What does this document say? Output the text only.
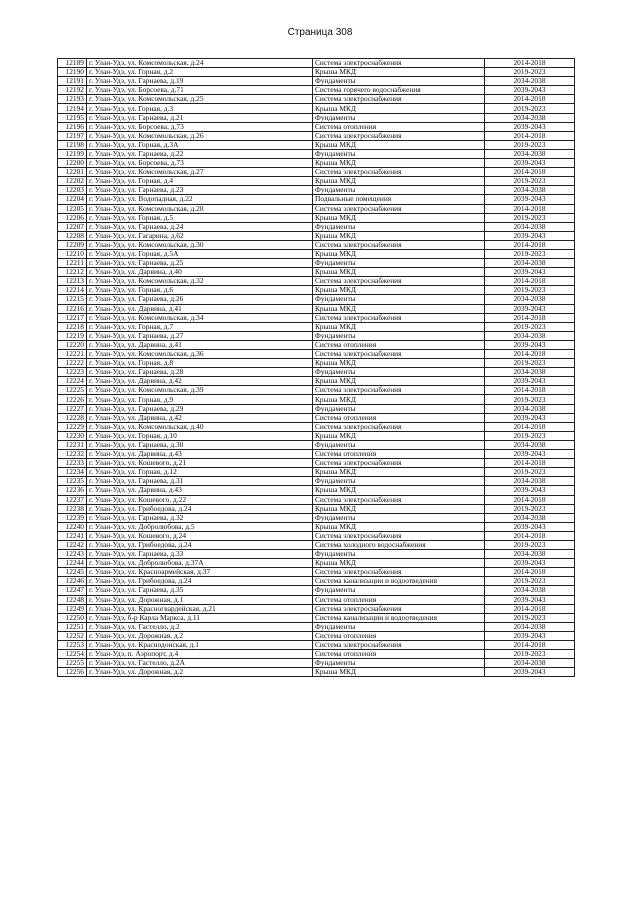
Страница 308
12189	г. Улан-Удэ, ул. Комсомольская, д.24	Система электроснабжения	2014-2018
12190	г. Улан-Удэ, ул. Горная, д.2	Крыша МКД	2019-2023
12191	г. Улан-Удэ, ул. Гарнаева, д.19	Фундаменты	2034-2038
12192	г. Улан-Удэ, ул. Борсоева, д.71	Система горячего водоснабжения	2039-2043
12193	г. Улан-Удэ, ул. Комсомольская, д.25	Система электроснабжения	2014-2018
12194	г. Улан-Удэ, ул. Горная, д.3	Крыша МКД	2019-2023
12195	г. Улан-Удэ, ул. Гарнаева, д.21	Фундаменты	2034-2038
12196	г. Улан-Удэ, ул. Борсоева, д.73	Система отопления	2039-2043
12197	г. Улан-Удэ, ул. Комсомольская, д.26	Система электроснабжения	2014-2018
12198	г. Улан-Удэ, ул. Горная, д.3А	Крыша МКД	2019-2023
12199	г. Улан-Удэ, ул. Гарнаева, д.22	Фундаменты	2034-2038
12200	г. Улан-Удэ, ул. Борсоева, д.73	Крыша МКД	2039-2043
12201	г. Улан-Удэ, ул. Комсомольская, д.27	Система электроснабжения	2014-2018
12202	г. Улан-Удэ, ул. Горная, д.4	Крыша МКД	2019-2023
12203	г. Улан-Удэ, ул. Гарнаева, д.23	Фундаменты	2034-2038
12204	г. Улан-Удэ, ул. Водопадная, д.22	Подвальные помещения	2039-2043
12205	г. Улан-Удэ, ул. Комсомольская, д.28	Система электроснабжения	2014-2018
12206	г. Улан-Удэ, ул. Горная, д.5	Крыша МКД	2019-2023
12207	г. Улан-Удэ, ул. Гарнаева, д.24	Фундаменты	2034-2038
12208	г. Улан-Удэ, ул. Гагарина, д.62	Крыша МКД	2039-2043
12209	г. Улан-Удэ, ул. Комсомольская, д.30	Система электроснабжения	2014-2018
12210	г. Улан-Удэ, ул. Горная, д.5А	Крыша МКД	2019-2023
12211	г. Улан-Удэ, ул. Гарнаева, д.25	Фундаменты	2034-2038
12212	г. Улан-Удэ, ул. Дарвина, д.40	Крыша МКД	2039-2043
12213	г. Улан-Удэ, ул. Комсомольская, д.32	Система электроснабжения	2014-2018
12214	г. Улан-Удэ, ул. Горная, д.6	Крыша МКД	2019-2023
12215	г. Улан-Удэ, ул. Гарнаева, д.26	Фундаменты	2034-2038
12216	г. Улан-Удэ, ул. Дарвина, д.41	Крыша МКД	2039-2043
12217	г. Улан-Удэ, ул. Комсомольская, д.34	Система электроснабжения	2014-2018
12218	г. Улан-Удэ, ул. Горная, д.7	Крыша МКД	2019-2023
12219	г. Улан-Удэ, ул. Гарнаева, д.27	Фундаменты	2034-2038
12220	г. Улан-Удэ, ул. Дарвина, д.41	Система отопления	2039-2043
12221	г. Улан-Удэ, ул. Комсомольская, д.36	Система электроснабжения	2014-2018
12222	г. Улан-Удэ, ул. Горная, д.8	Крыша МКД	2019-2023
12223	г. Улан-Удэ, ул. Гарнаева, д.28	Фундаменты	2034-2038
12224	г. Улан-Удэ, ул. Дарвина, д.42	Крыша МКД	2039-2043
12225	г. Улан-Удэ, ул. Комсомольская, д.39	Система электроснабжения	2014-2018
12226	г. Улан-Удэ, ул. Горная, д.9	Крыша МКД	2019-2023
12227	г. Улан-Удэ, ул. Гарнаева, д.29	Фундаменты	2034-2038
12228	г. Улан-Удэ, ул. Дарвина, д.42	Система отопления	2039-2043
12229	г. Улан-Удэ, ул. Комсомольская, д.40	Система электроснабжения	2014-2018
12230	г. Улан-Удэ, ул. Горная, д.10	Крыша МКД	2019-2023
12231	г. Улан-Удэ, ул. Гарнаева, д.30	Фундаменты	2034-2038
12232	г. Улан-Удэ, ул. Дарвина, д.43	Система отопления	2039-2043
12233	г. Улан-Удэ, ул. Кошевого, д.21	Система электроснабжения	2014-2018
12234	г. Улан-Удэ, ул. Горная, д.12	Крыша МКД	2019-2023
12235	г. Улан-Удэ, ул. Гарнаева, д.31	Фундаменты	2034-2038
12236	г. Улан-Удэ, ул. Дарвина, д.43	Крыша МКД	2039-2043
12237	г. Улан-Удэ, ул. Кошевого, д.22	Система электроснабжения	2014-2018
12238	г. Улан-Удэ, ул. Грибоедова, д.24	Крыша МКД	2019-2023
12239	г. Улан-Удэ, ул. Гарнаева, д.32	Фундаменты	2034-2038
12240	г. Улан-Удэ, ул. Добролюбова, д.5	Крыша МКД	2039-2043
12241	г. Улан-Удэ, ул. Кошевого, д.24	Система электроснабжения	2014-2018
12242	г. Улан-Удэ, ул. Грибоедова, д.24	Система холодного водоснабжения	2019-2023
12243	г. Улан-Удэ, ул. Гарнаева, д.33	Фундаменты	2034-2038
12244	г. Улан-Удэ, ул. Добролюбова, д.37А	Крыша МКД	2039-2043
12245	г. Улан-Удэ, ул. Красноармейская, д.37	Система электроснабжения	2014-2018
12246	г. Улан-Удэ, ул. Грибоедова, д.24	Система канализации и водоотведения	2019-2023
12247	г. Улан-Удэ, ул. Гарнаева, д.35	Фундаменты	2034-2038
12248	г. Улан-Удэ, ул. Дорожная, д.1	Система отопления	2039-2043
12249	г. Улан-Удэ, ул. Красногвардейская, д.21	Система электроснабжения	2014-2018
12250	г. Улан-Удэ, б-р Карла Маркса, д.11	Система канализации и водоотведения	2019-2023
12251	г. Улан-Удэ, ул. Гастелло, д.2	Фундаменты	2034-2038
12252	г. Улан-Удэ, ул. Дорожная, д.2	Система отопления	2039-2043
12253	г. Улан-Удэ, ул. Краснодонская, д.1	Система электроснабжения	2014-2018
12254	г. Улан-Удэ, п. Аэропорт, д.4	Система отопления	2019-2023
12255	г. Улан-Удэ, ул. Гастелло, д.2А	Фундаменты	2034-2038
12256	г. Улан-Удэ, ул. Дорожная, д.2	Крыша МКД	2039-2043
